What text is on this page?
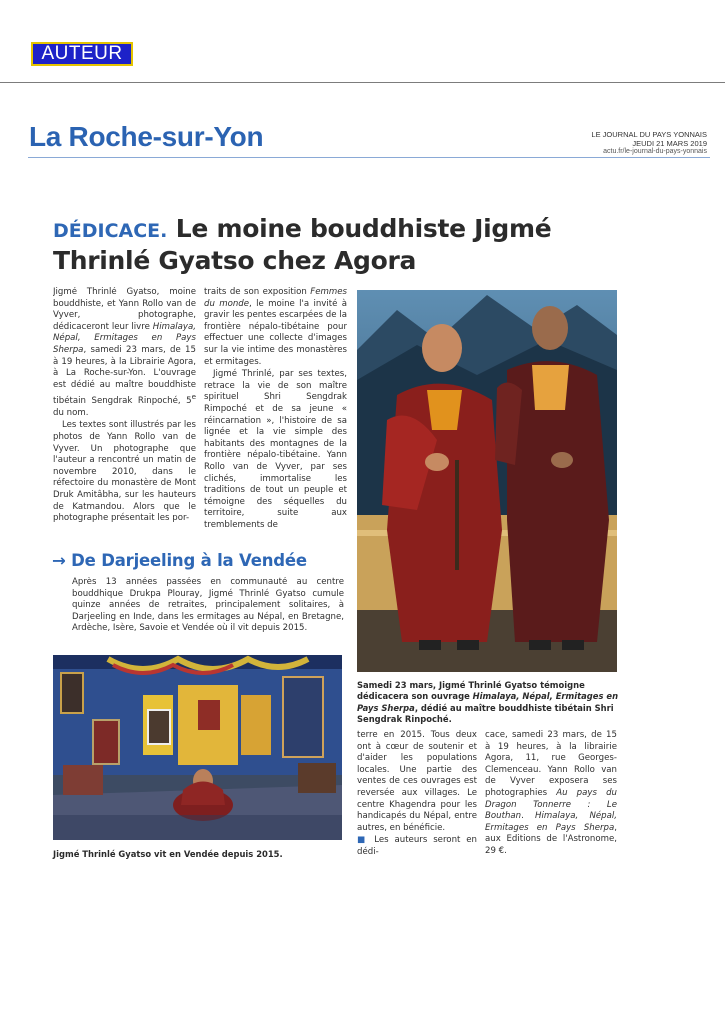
AUTEUR
La Roche-sur-Yon	LE JOURNAL DU PAYS YONNAIS
JEUDI 21 MARS 2019
actu.fr/le-journal-du-pays-yonnais
DÉDICACE. Le moine bouddhiste Jigmé
Thrinlé Gyatso chez Agora

Jigmé Thrinlé Gyatso, moine bouddhiste, et Yann Rollo van de Vyver, photographe, dédicaceront leur livre Himalaya, Népal, Ermitages en Pays Sherpa, samedi 23 mars, de 15 à 19 heures, à la Librairie Agora, à La Roche-sur-Yon. L'ouvrage est dédié au maître bouddhiste tibétain Sengdrak Rinpoché, 5e du nom.

Les textes sont illustrés par les photos de Yann Rollo van de Vyver. Un photographe que l'auteur a rencontré un matin de novembre 2010, dans le réfectoire du monastère de Mont Druk Amitâbha, sur les hauteurs de Katmandou. Alors que le photographe présentait les por-

traits de son exposition Femmes du monde, le moine l'a invité à gravir les pentes escarpées de la frontière népalo-tibétaine pour effectuer une collecte d'images sur la vie intime des monastères et ermitages.

Jigmé Thrinlé, par ses textes, retrace la vie de son maître spirituel Shri Sengdrak Rimpoché et de sa jeune « réincarnation », l'histoire de sa lignée et la vie simple des habitants des montagnes de la frontière népalo-tibétaine. Yann Rollo van de Vyver, par ses clichés, immortalise les traditions de tout un peuple et témoigne des séquelles du territoire, suite aux tremblements de

Samedi 23 mars, Jigmé Thrinlé Gyatso témoigne dédicacera son ouvrage Himalaya, Népal, Ermitages en Pays Sherpa, dédié au maître bouddhiste tibétain Shri Sengdrak Rinpoché.
→ De Darjeeling à la Vendée

Après 13 années passées en communauté au centre bouddhique Drukpa Plouray, Jigmé Thrinlé Gyatso cumule quinze années de retraites, principalement solitaires, à Darjeeling en Inde, dans les ermitages au Népal, en Bretagne, Ardèche, Isère, Savoie et Vendée où il vit depuis 2015.

Jigmé Thrinlé Gyatso vit en Vendée depuis 2015.

terre en 2015. Tous deux ont à cœur de soutenir et d'aider les populations locales. Une partie des ventes de ces ouvrages est reversée aux villages. Le centre Khagendra pour les handicapés du Népal, entre autres, en bénéficie.

■ Les auteurs seront en dédi-

cace, samedi 23 mars, de 15 à 19 heures, à la librairie Agora, 11, rue Georges-Clemenceau. Yann Rollo van de Vyver exposera ses photographies Au pays du Dragon Tonnerre : Le Bouthan. Himalaya, Népal, Ermitages en Pays Sherpa, aux Editions de l'Astronome, 29 €.
